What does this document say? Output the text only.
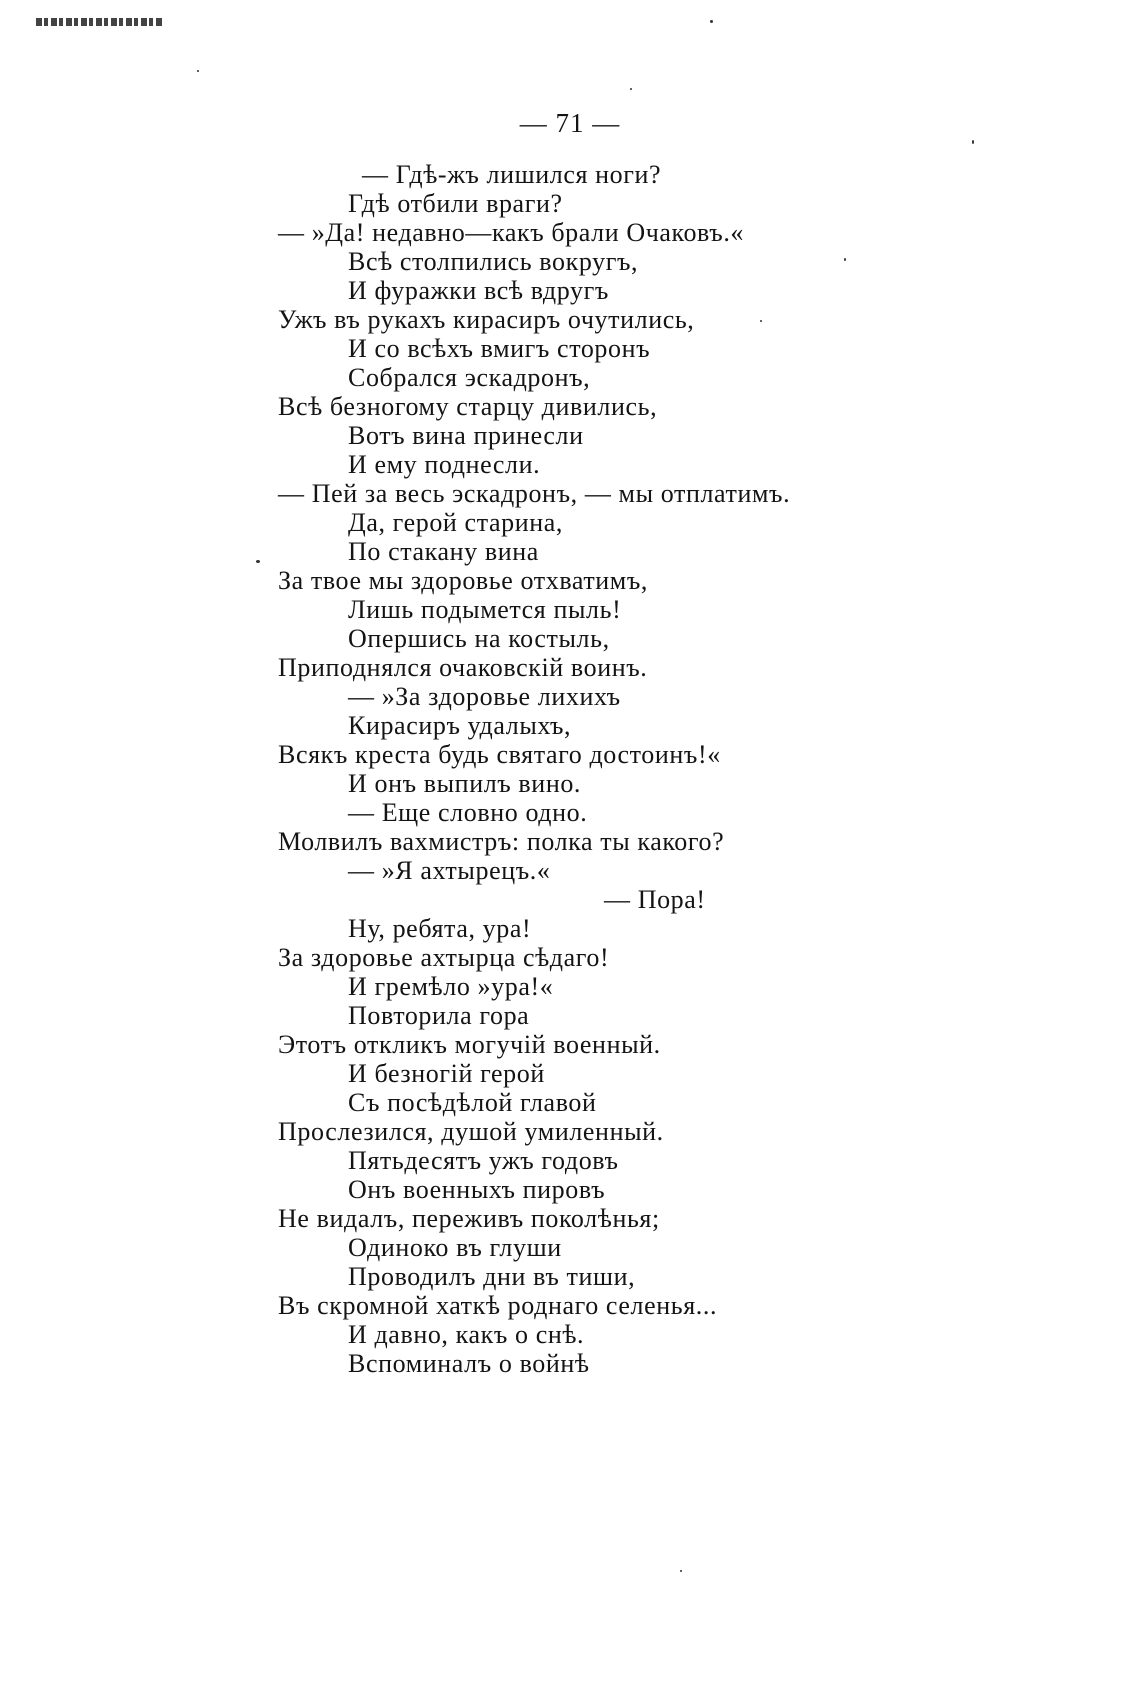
— 71 —
— Гдѣ-жъ лишился ноги?
Гдѣ отбили враги?
— »Да! недавно—какъ брали Очаковъ.«
Всѣ столпились вокругъ,
И фуражки всѣ вдругъ
Ужъ въ рукахъ кирасиръ очутились,
И со всѣхъ вмигъ сторонъ
Собрался эскадронъ,
Всѣ безногому старцу дивились,
Вотъ вина принесли
И ему поднесли.
— Пей за весь эскадронъ, — мы отплатимъ.
Да, герой старина,
По стакану вина
За твое мы здоровье отхватимъ,
Лишь подымется пыль!
Опершись на костыль,
Приподнялся очаковскій воинъ.
— »За здоровье лихихъ
Кирасиръ удалыхъ,
Всякъ креста будь святаго достоинъ!«
И онъ выпилъ вино.
— Еще словно одно.
Молвилъ вахмистръ: полка ты какого?
— »Я ахтырецъ.«
— Пора!
Ну, ребята, ура!
За здоровье ахтырца сѣдаго!
И гремѣло »ура!«
Повторила гора
Этотъ откликъ могучій военный.
И безногій герой
Съ посѣдѣлой главой
Прослезился, душой умиленный.
Пятьдесятъ ужъ годовъ
Онъ военныхъ пировъ
Не видалъ, переживъ поколѣнья;
Одиноко въ глуши
Проводилъ дни въ тиши,
Въ скромной хаткѣ роднаго селенья...
И давно, какъ о снѣ.
Вспоминалъ о войнѣ
